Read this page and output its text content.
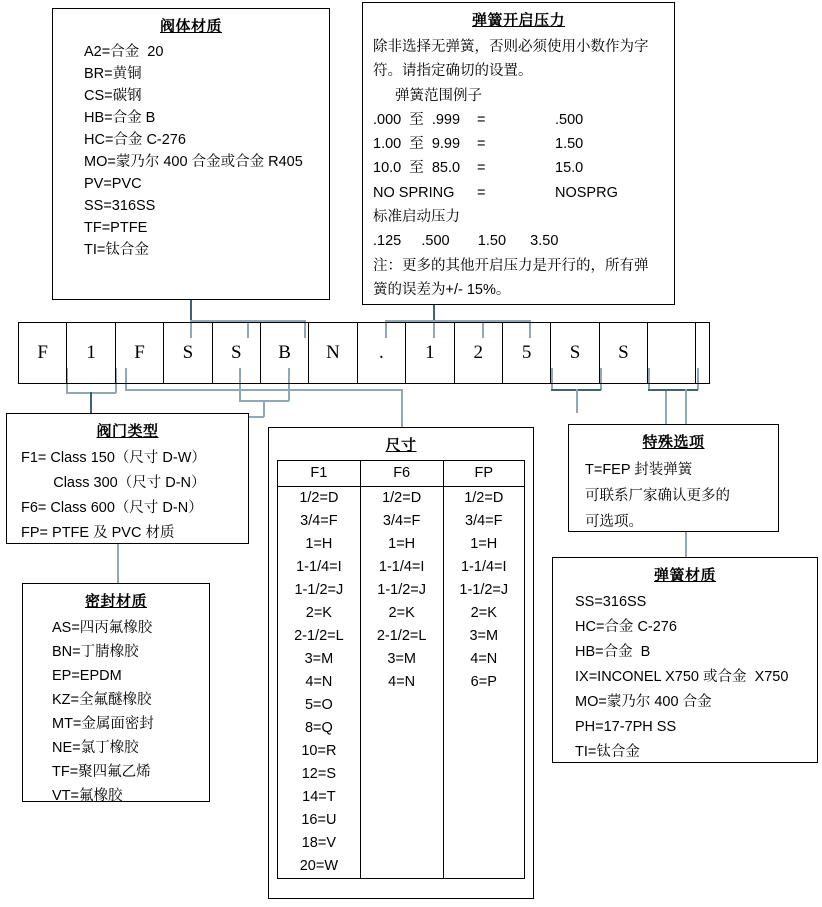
阀体材质
A2=合金  20
BR=黄铜
CS=碳钢
HB=合金 B
HC=合金 C-276
MO=蒙乃尔 400 合金或合金 R405
PV=PVC
SS=316SS
TF=PTFE
TI=钛合金
弹簧开启压力
除非选择无弹簧，否则必须使用小数作为字符。请指定确切的设置。
弹簧范围例子
.000  至  .999	=	.500
1.00  至  9.99	=	1.50
10.0  至  85.0	=	15.0
NO SPRING	=	NOSPRG
标准启动压力
.125     .500       1.50      3.50
注：更多的其他开启压力是开行的，所有弹簧的误差为+/- 15%。
F	1	F	S	S	B	N	.	1	2	5	S	S
阀门类型
F1= Class 150（尺寸 D-W）
Class 300（尺寸 D-N）
F6= Class 600（尺寸 D-N）
FP= PTFE 及 PVC 材质
密封材质
AS=四丙氟橡胶
BN=丁腈橡胶
EP=EPDM
KZ=全氟醚橡胶
MT=金属面密封
NE=氯丁橡胶
TF=聚四氟乙烯
VT=氟橡胶
尺寸
F1	F6	FP
1/2=D	1/2=D	1/2=D
3/4=F	3/4=F	3/4=F
1=H	1=H	1=H
1-1/4=I	1-1/4=I	1-1/4=I
1-1/2=J	1-1/2=J	1-1/2=J
2=K	2=K	2=K
2-1/2=L	2-1/2=L	3=M
3=M	3=M	4=N
4=N	4=N	6=P
5=O		
8=Q		
10=R		
12=S		
14=T		
16=U		
18=V		
20=W		
特殊选项
T=FEP 封装弹簧
可联系厂家确认更多的
可选项。
弹簧材质
SS=316SS
HC=合金 C-276
HB=合金  B
IX=INCONEL X750 或合金  X750
MO=蒙乃尔 400 合金
PH=17-7PH SS
TI=钛合金
